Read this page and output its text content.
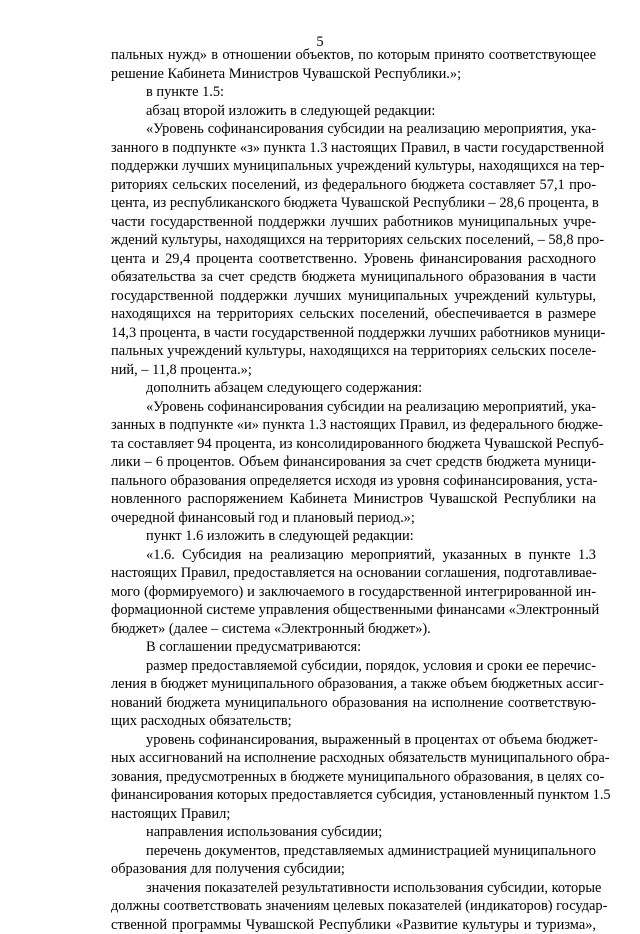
5
пальных нужд» в отношении объектов, по которым принято соответствующее
решение Кабинета Министров Чувашской Республики.»;
в пункте 1.5:
абзац второй изложить в следующей редакции:
«Уровень софинансирования субсидии на реализацию мероприятия, ука-
занного в подпункте «з» пункта 1.3 настоящих Правил, в части государственной
поддержки лучших муниципальных учреждений культуры, находящихся на тер-
риториях сельских поселений, из федерального бюджета составляет 57,1 про-
цента, из республиканского бюджета Чувашской Республики – 28,6 процента, в
части государственной поддержки лучших работников муниципальных учре-
ждений культуры, находящихся на территориях сельских поселений, – 58,8 про-
цента и 29,4 процента соответственно. Уровень финансирования расходного
обязательства за счет средств бюджета муниципального образования в части
государственной поддержки лучших муниципальных учреждений культуры,
находящихся на территориях сельских поселений, обеспечивается в размере
14,3 процента, в части государственной поддержки лучших работников муници-
пальных учреждений культуры, находящихся на территориях сельских поселе-
ний, – 11,8 процента.»;
дополнить абзацем следующего содержания:
«Уровень софинансирования субсидии на реализацию мероприятий, ука-
занных в подпункте «и» пункта 1.3 настоящих Правил, из федерального бюдже-
та составляет 94 процента, из консолидированного бюджета Чувашской Респуб-
лики – 6 процентов. Объем финансирования за счет средств бюджета муници-
пального образования определяется исходя из уровня софинансирования, уста-
новленного распоряжением Кабинета Министров Чувашской Республики на
очередной финансовый год и плановый период.»;
пункт 1.6 изложить в следующей редакции:
«1.6. Субсидия на реализацию мероприятий, указанных в пункте 1.3
настоящих Правил, предоставляется на основании соглашения, подготавливае-
мого (формируемого) и заключаемого в государственной интегрированной ин-
формационной системе управления общественными финансами «Электронный
бюджет» (далее – система «Электронный бюджет»).
В соглашении предусматриваются:
размер предоставляемой субсидии, порядок, условия и сроки ее перечис-
ления в бюджет муниципального образования, а также объем бюджетных ассиг-
нований бюджета муниципального образования на исполнение соответствую-
щих расходных обязательств;
уровень софинансирования, выраженный в процентах от объема бюджет-
ных ассигнований на исполнение расходных обязательств муниципального обра-
зования, предусмотренных в бюджете муниципального образования, в целях со-
финансирования которых предоставляется субсидия, установленный пунктом 1.5
настоящих Правил;
направления использования субсидии;
перечень документов, представляемых администрацией муниципального
образования для получения субсидии;
значения показателей результативности использования субсидии, которые
должны соответствовать значениям целевых показателей (индикаторов) государ-
ственной программы Чувашской Республики «Развитие культуры и туризма»,
